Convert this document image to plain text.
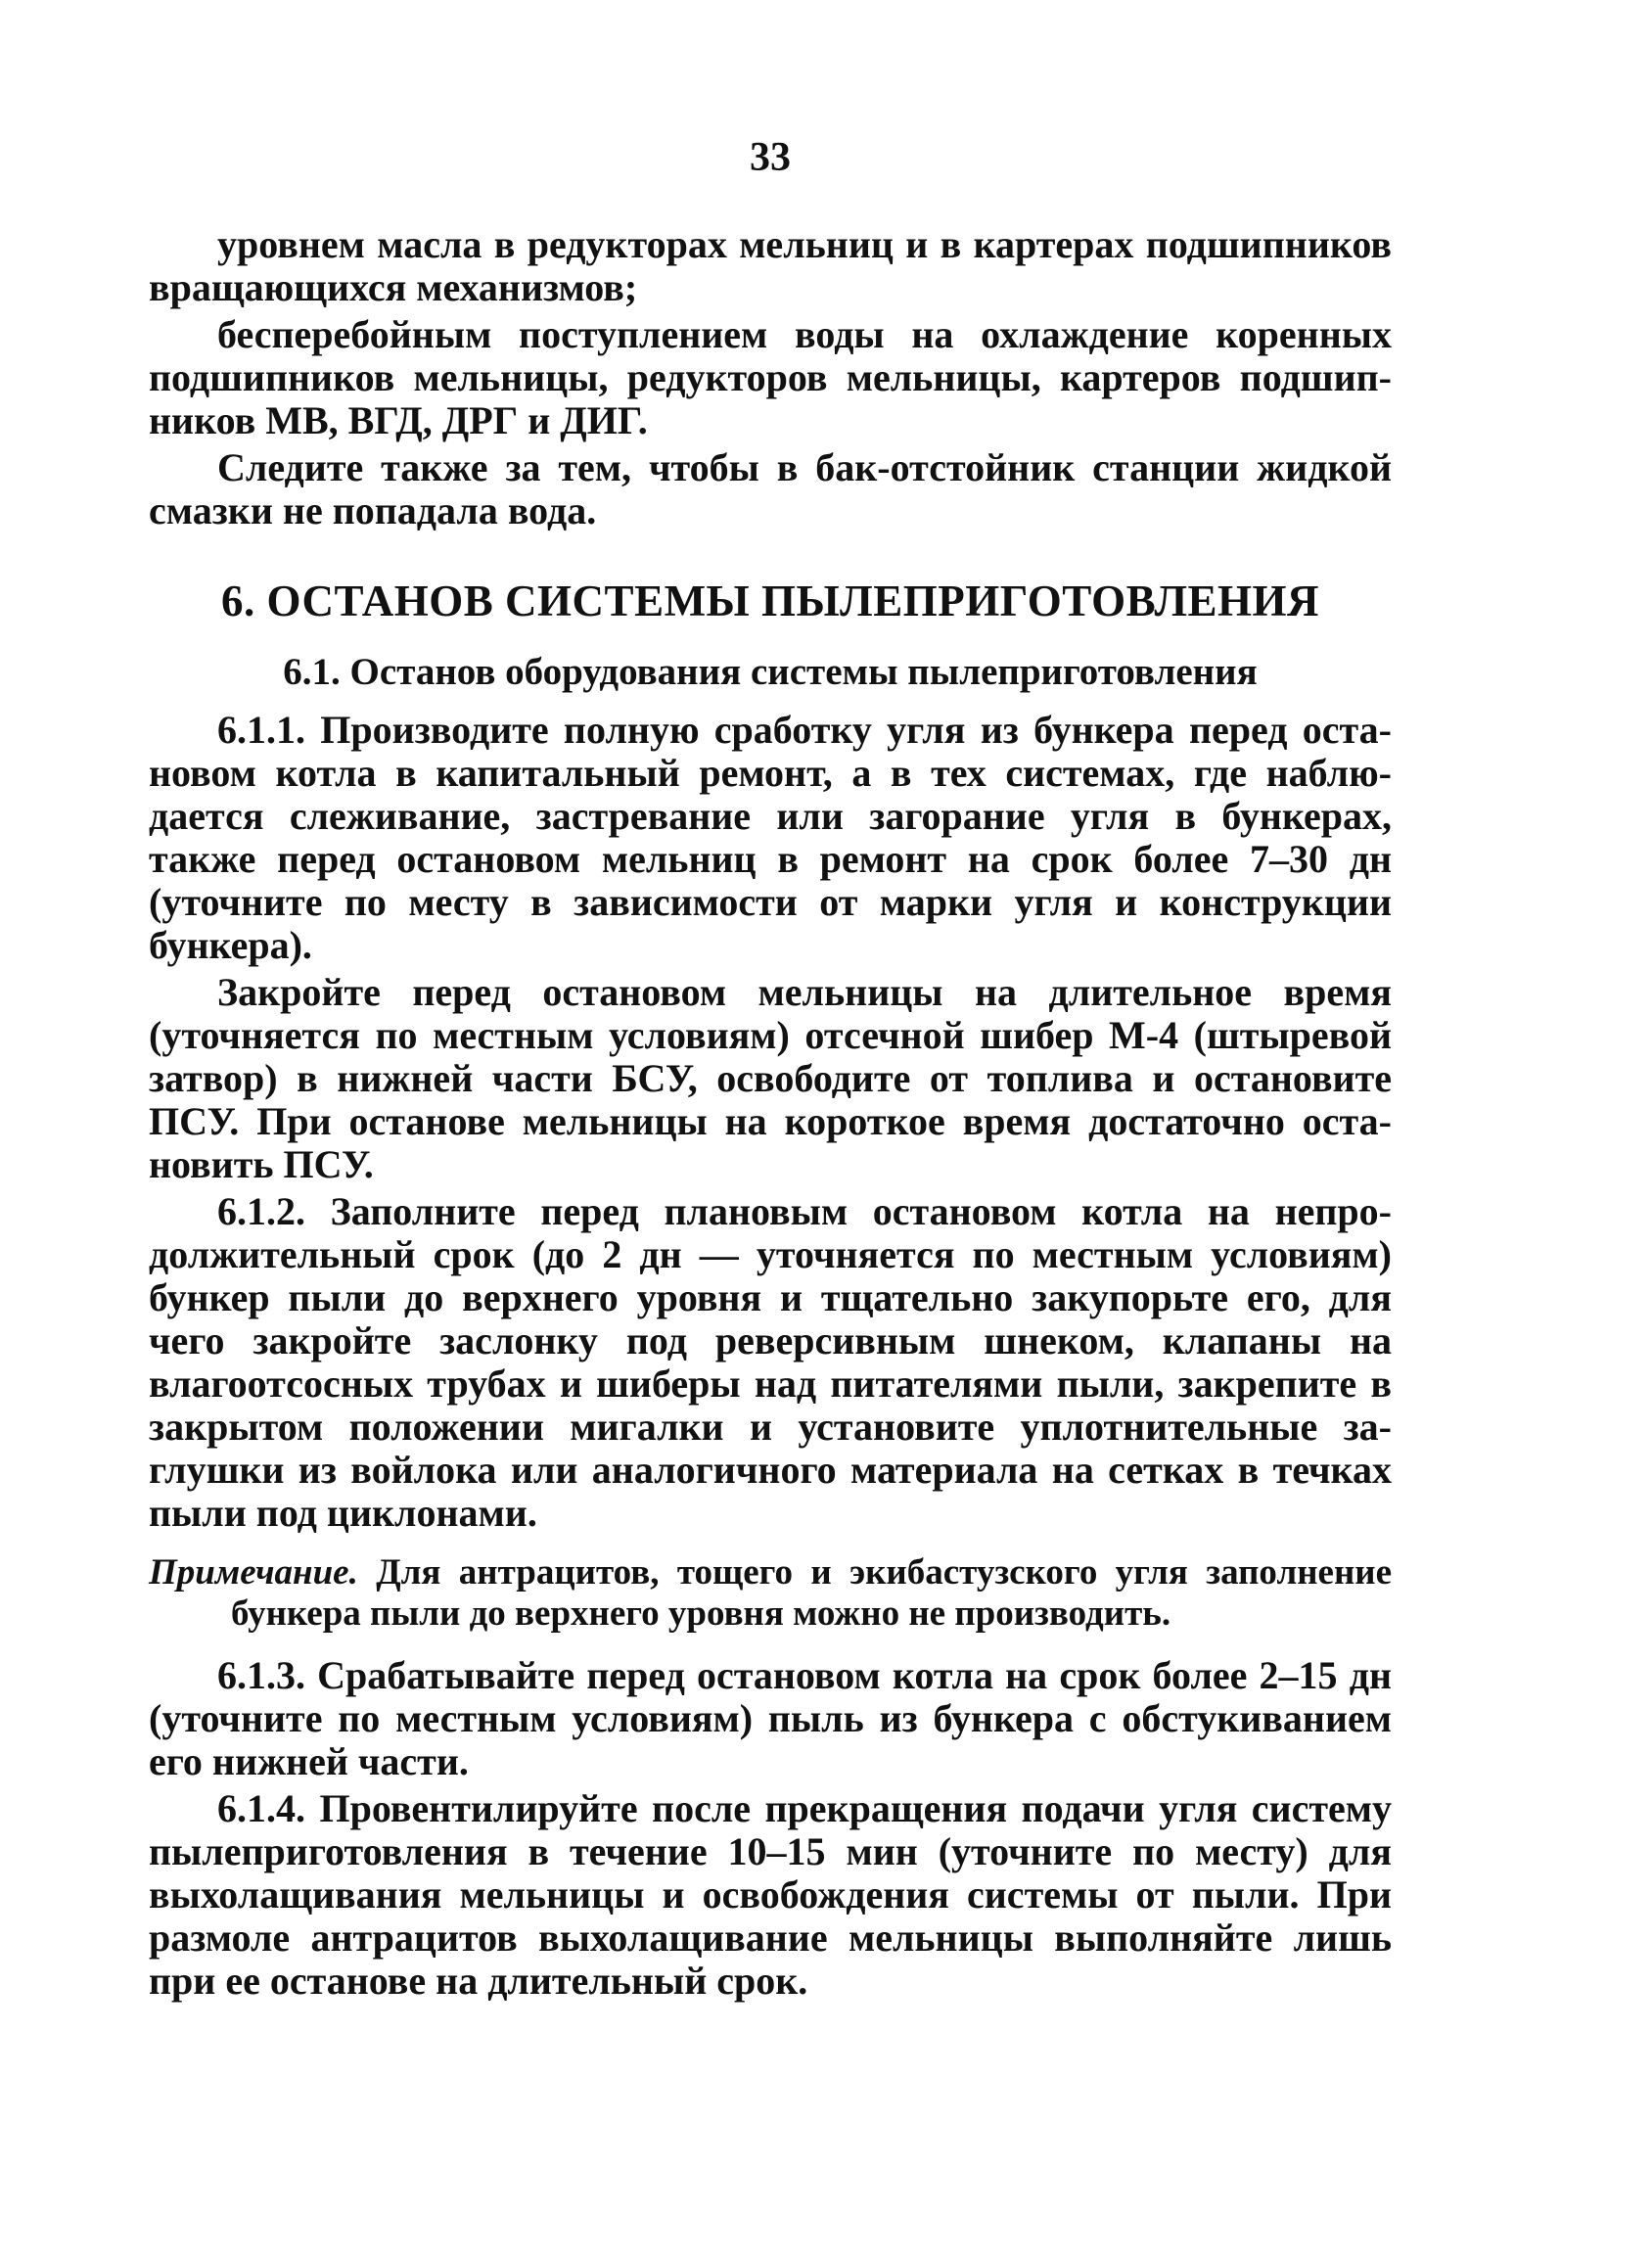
33

уровнем масла в редукторах мельниц и в картерах подшипников вращающихся механизмов;

бесперебойным поступлением воды на охлаждение коренных подшипников мельницы, редукторов мельницы, картеров подшипников МВ, ВГД, ДРГ и ДИГ.

Следите также за тем, чтобы в бак-отстойник станции жидкой смазки не попадала вода.

6. ОСТАНОВ СИСТЕМЫ ПЫЛЕПРИГОТОВЛЕНИЯ
6.1. Останов оборудования системы пылеприготовления

6.1.1. Производите полную сработку угля из бункера перед остановом котла в капитальный ремонт, а в тех системах, где наблюдается слеживание, застревание или загорание угля в бункерах, также перед остановом мельниц в ремонт на срок более 7–30 дн (уточните по месту в зависимости от марки угля и конструкции бункера).

Закройте перед остановом мельницы на длительное время (уточняется по местным условиям) отсечной шибер М-4 (штыревой затвор) в нижней части БСУ, освободите от топлива и остановите ПСУ. При останове мельницы на короткое время достаточно остановить ПСУ.

6.1.2. Заполните перед плановым остановом котла на непродолжительный срок (до 2 дн — уточняется по местным условиям) бункер пыли до верхнего уровня и тщательно закупорьте его, для чего закройте заслонку под реверсивным шнеком, клапаны на влагоотсосных трубах и шиберы над питателями пыли, закрепите в закрытом положении мигалки и установите уплотнительные заглушки из войлока или аналогичного материала на сетках в течках пыли под циклонами.

Примечание. Для антрацитов, тощего и экибастузского угля заполнение бункера пыли до верхнего уровня можно не производить.

6.1.3. Срабатывайте перед остановом котла на срок более 2–15 дн (уточните по местным условиям) пыль из бункера с обстукиванием его нижней части.

6.1.4. Провентилируйте после прекращения подачи угля систему пылеприготовления в течение 10–15 мин (уточните по месту) для выхолащивания мельницы и освобождения системы от пыли. При размоле антрацитов выхолащивание мельницы выполняйте лишь при ее останове на длительный срок.
